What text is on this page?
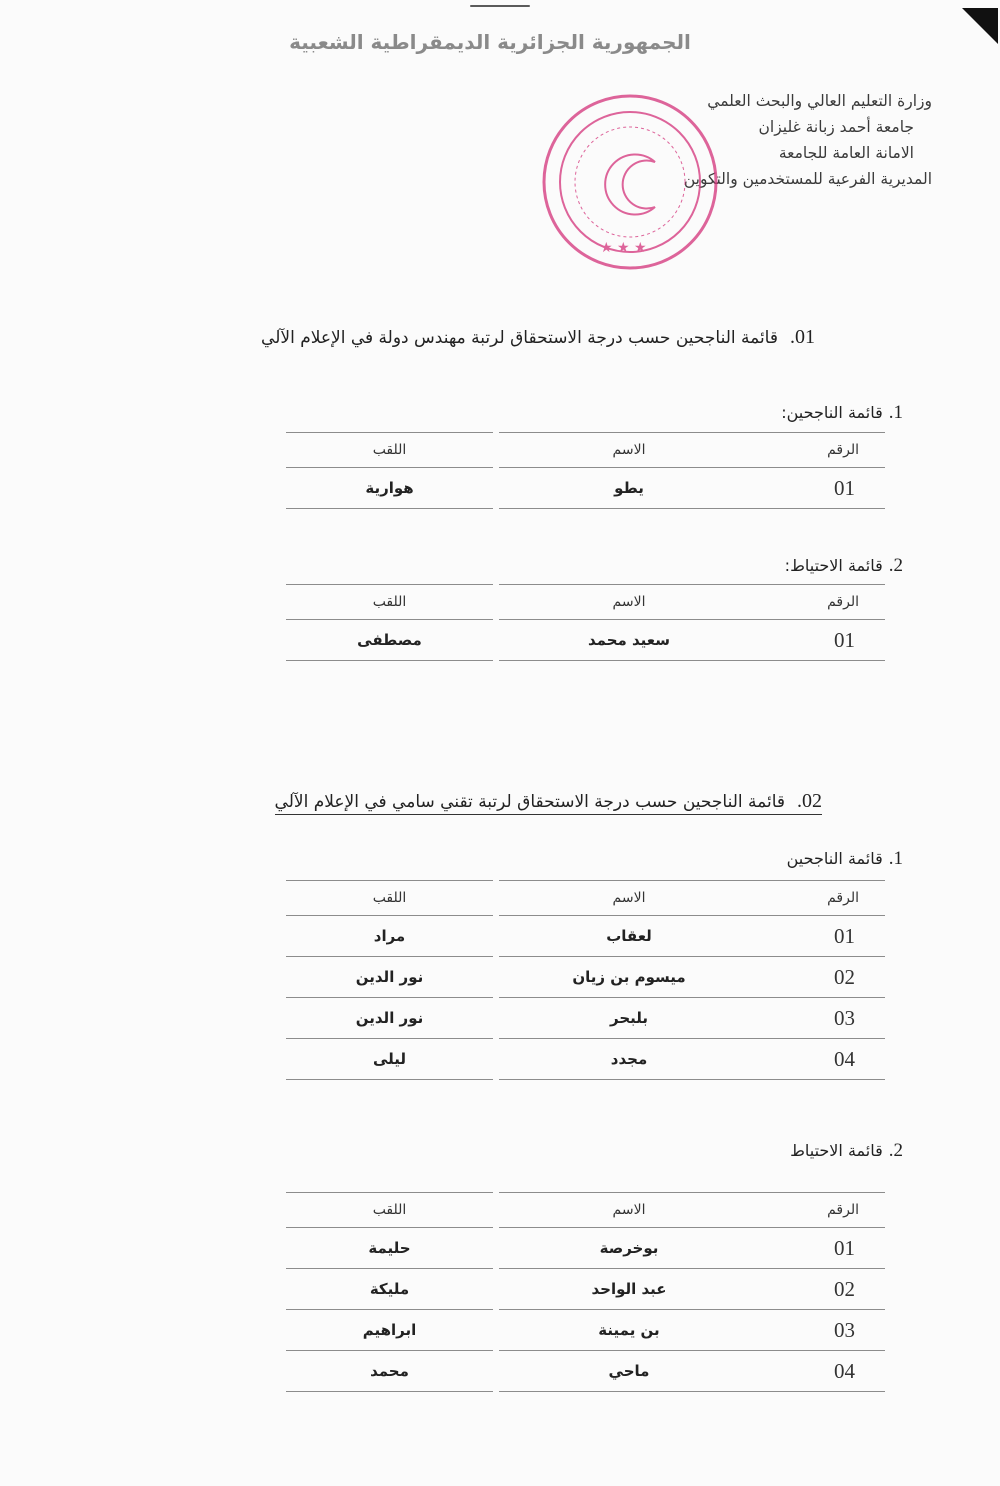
الجمهورية الجزائرية الديمقراطية الشعبية
وزارة التعليم العالي والبحث العلمي
جامعة أحمد زبانة غليزان
الامانة العامة للجامعة
المديرية الفرعية للمستخدمين والتكوين
★ ★ ★
01.قائمة الناجحين حسب درجة الاستحقاق لرتبة مهندس دولة في الإعلام الآلي
1.قائمة الناجحين:
الرقم	الاسم	اللقب
01	يطو	هوارية
2.قائمة الاحتياط:
الرقم	الاسم	اللقب
01	سعيد محمد	مصطفى
02.قائمة الناجحين حسب درجة الاستحقاق لرتبة تقني سامي في الإعلام الآلي
1.قائمة الناجحين
الرقم	الاسم	اللقب
01	لعقاب	مراد
02	ميسوم بن زيان	نور الدين
03	بلبحر	نور الدين
04	مجدد	ليلى
2.قائمة الاحتياط
الرقم	الاسم	اللقب
01	بوخرصة	حليمة
02	عبد الواحد	مليكة
03	بن يمينة	ابراهيم
04	ماحي	محمد
